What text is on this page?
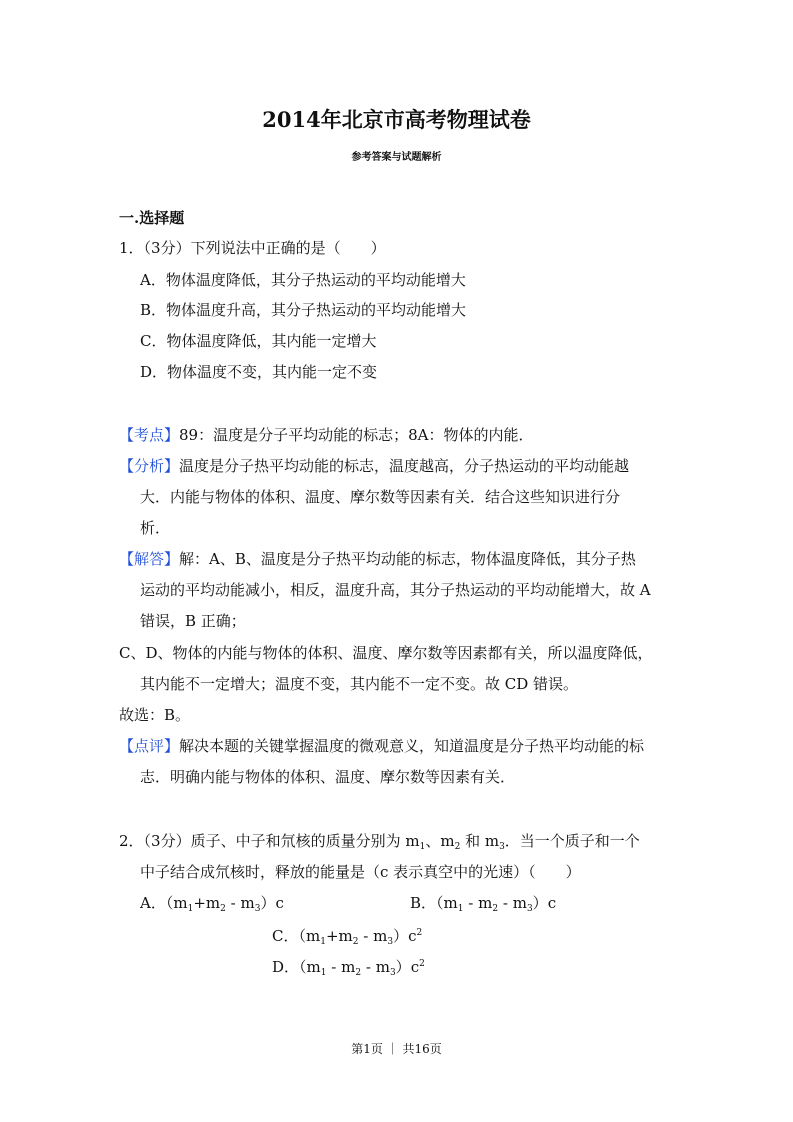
2014年北京市高考物理试卷
参考答案与试题解析
一.选择题
1．（3分）下列说法中正确的是（　　）
A．物体温度降低，其分子热运动的平均动能增大
B．物体温度升高，其分子热运动的平均动能增大
C．物体温度降低，其内能一定增大
D．物体温度不变，其内能一定不变
【考点】89：温度是分子平均动能的标志；8A：物体的内能．
【分析】温度是分子热平均动能的标志，温度越高，分子热运动的平均动能越
大．内能与物体的体积、温度、摩尔数等因素有关．结合这些知识进行分
析．
【解答】解：A、B、温度是分子热平均动能的标志，物体温度降低，其分子热
运动的平均动能减小，相反，温度升高，其分子热运动的平均动能增大，故 A
错误，B 正确；
C、D、物体的内能与物体的体积、温度、摩尔数等因素都有关，所以温度降低，
其内能不一定增大；温度不变，其内能不一定不变。故 CD 错误。
故选：B。
【点评】解决本题的关键掌握温度的微观意义，知道温度是分子热平均动能的标
志．明确内能与物体的体积、温度、摩尔数等因素有关．
2．（3分）质子、中子和氘核的质量分别为 $m_1$、$m_2$ 和 $m_3$．当一个质子和一个
中子结合成氘核时，释放的能量是（c 表示真空中的光速）（　　）
A．$(m_1+m_2 - m_3)c$	B．$(m_1 - m_2 - m_3)c$
C．$(m_1+m_2 - m_3)c^2$
D．$(m_1 - m_2 - m_3)c^2$
第1页 ｜ 共16页
